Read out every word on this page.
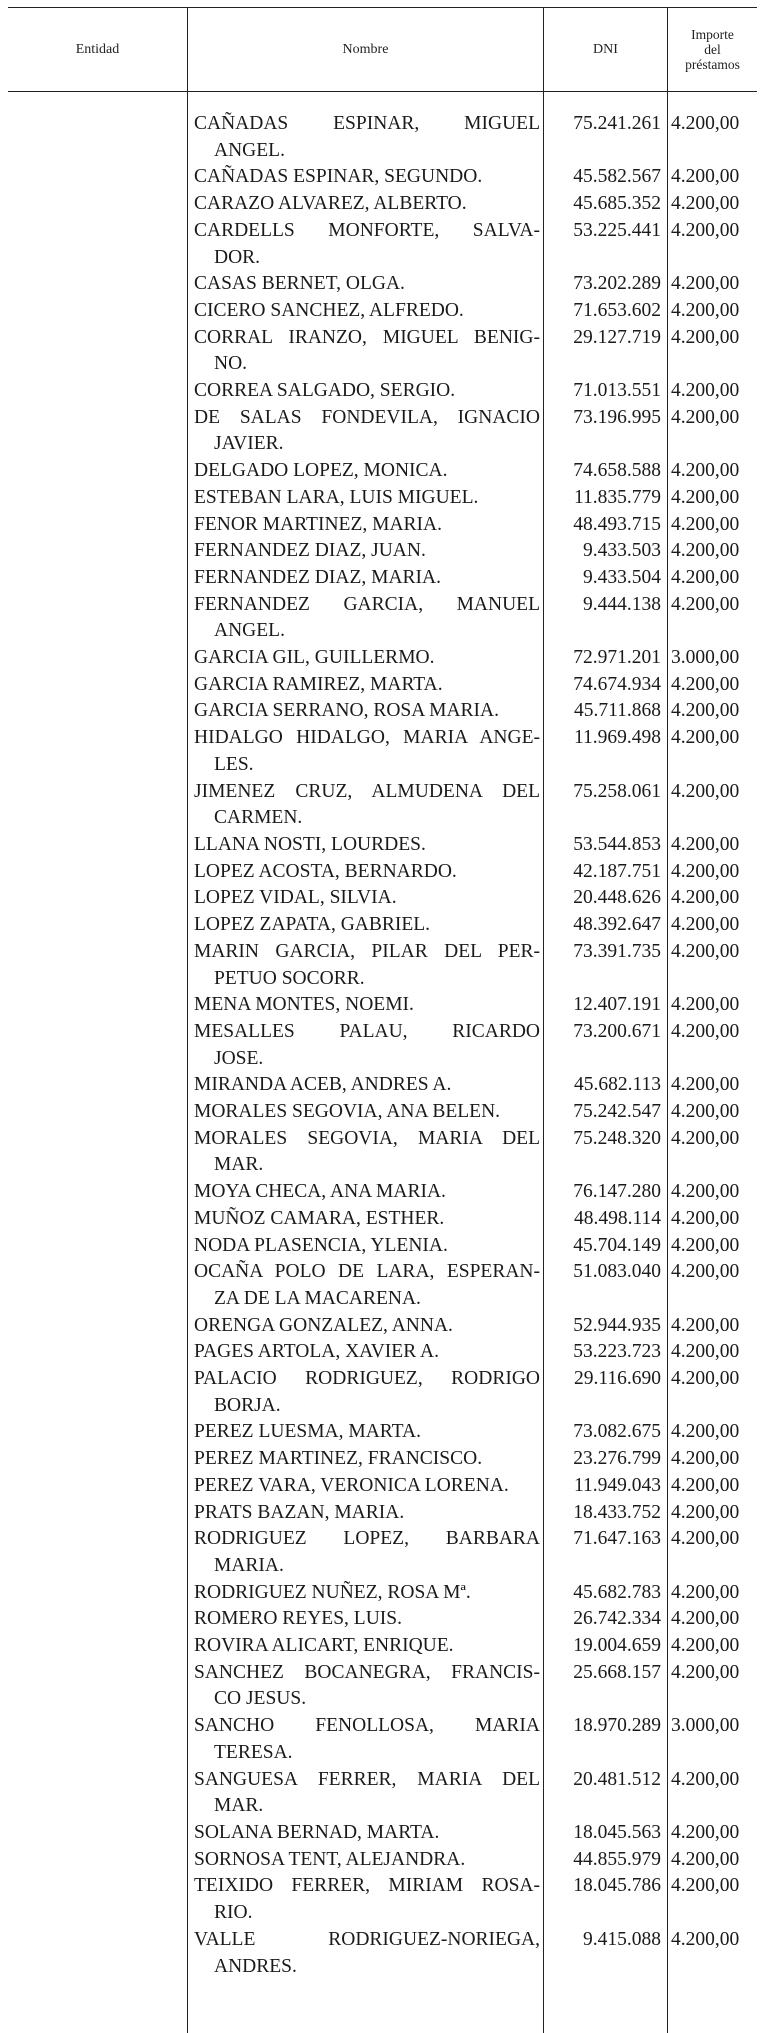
Entidad	Nombre	DNI
Importe
del
préstamos
CAÑADAS ESPINAR, MIGUEL
ANGEL.
75.241.261 4.200,00
CAÑADAS ESPINAR, SEGUNDO.	45.582.567 4.200,00
CARAZO ALVAREZ, ALBERTO.	45.685.352 4.200,00
CARDELLS MONFORTE, SALVA-
DOR.
53.225.441 4.200,00
CASAS BERNET, OLGA.	73.202.289 4.200,00
CICERO SANCHEZ, ALFREDO.	71.653.602 4.200,00
CORRAL IRANZO, MIGUEL BENIG-
NO.
29.127.719 4.200,00
CORREA SALGADO, SERGIO.	71.013.551 4.200,00
DE SALAS FONDEVILA, IGNACIO
JAVIER.
73.196.995 4.200,00
DELGADO LOPEZ, MONICA.	74.658.588 4.200,00
ESTEBAN LARA, LUIS MIGUEL.	11.835.779 4.200,00
FENOR MARTINEZ, MARIA.	48.493.715 4.200,00
FERNANDEZ DIAZ, JUAN.	9.433.503 4.200,00
FERNANDEZ DIAZ, MARIA.	9.433.504 4.200,00
FERNANDEZ GARCIA, MANUEL
ANGEL.
9.444.138 4.200,00
GARCIA GIL, GUILLERMO.	72.971.201 3.000,00
GARCIA RAMIREZ, MARTA.	74.674.934 4.200,00
GARCIA SERRANO, ROSA MARIA.	45.711.868 4.200,00
HIDALGO HIDALGO, MARIA ANGE-
LES.
11.969.498 4.200,00
JIMENEZ CRUZ, ALMUDENA DEL
CARMEN.
75.258.061 4.200,00
LLANA NOSTI, LOURDES.	53.544.853 4.200,00
LOPEZ ACOSTA, BERNARDO.	42.187.751 4.200,00
LOPEZ VIDAL, SILVIA.	20.448.626 4.200,00
LOPEZ ZAPATA, GABRIEL.	48.392.647 4.200,00
MARIN GARCIA, PILAR DEL PER-
PETUO SOCORR.
73.391.735 4.200,00
MENA MONTES, NOEMI.	12.407.191 4.200,00
MESALLES PALAU, RICARDO
JOSE.
73.200.671 4.200,00
MIRANDA ACEB, ANDRES A.	45.682.113 4.200,00
MORALES SEGOVIA, ANA BELEN.	75.242.547 4.200,00
MORALES SEGOVIA, MARIA DEL
MAR.
75.248.320 4.200,00
MOYA CHECA, ANA MARIA.	76.147.280 4.200,00
MUÑOZ CAMARA, ESTHER.	48.498.114 4.200,00
NODA PLASENCIA, YLENIA.	45.704.149 4.200,00
OCAÑA POLO DE LARA, ESPERAN-
ZA DE LA MACARENA.
51.083.040 4.200,00
ORENGA GONZALEZ, ANNA.	52.944.935 4.200,00
PAGES ARTOLA, XAVIER A.	53.223.723 4.200,00
PALACIO RODRIGUEZ, RODRIGO
BORJA.
29.116.690 4.200,00
PEREZ LUESMA, MARTA.	73.082.675 4.200,00
PEREZ MARTINEZ, FRANCISCO.	23.276.799 4.200,00
PEREZ VARA, VERONICA LORENA.	11.949.043 4.200,00
PRATS BAZAN, MARIA.	18.433.752 4.200,00
RODRIGUEZ LOPEZ, BARBARA
MARIA.
71.647.163 4.200,00
RODRIGUEZ NUÑEZ, ROSA Mª.	45.682.783 4.200,00
ROMERO REYES, LUIS.	26.742.334 4.200,00
ROVIRA ALICART, ENRIQUE.	19.004.659 4.200,00
SANCHEZ BOCANEGRA, FRANCIS-
CO JESUS.
25.668.157 4.200,00
SANCHO FENOLLOSA, MARIA
TERESA.
18.970.289 3.000,00
SANGUESA FERRER, MARIA DEL
MAR.
20.481.512 4.200,00
SOLANA BERNAD, MARTA.	18.045.563 4.200,00
SORNOSA TENT, ALEJANDRA.	44.855.979 4.200,00
TEIXIDO FERRER, MIRIAM ROSA-
RIO.
18.045.786 4.200,00
VALLE RODRIGUEZ-NORIEGA,
ANDRES.
9.415.088 4.200,00
